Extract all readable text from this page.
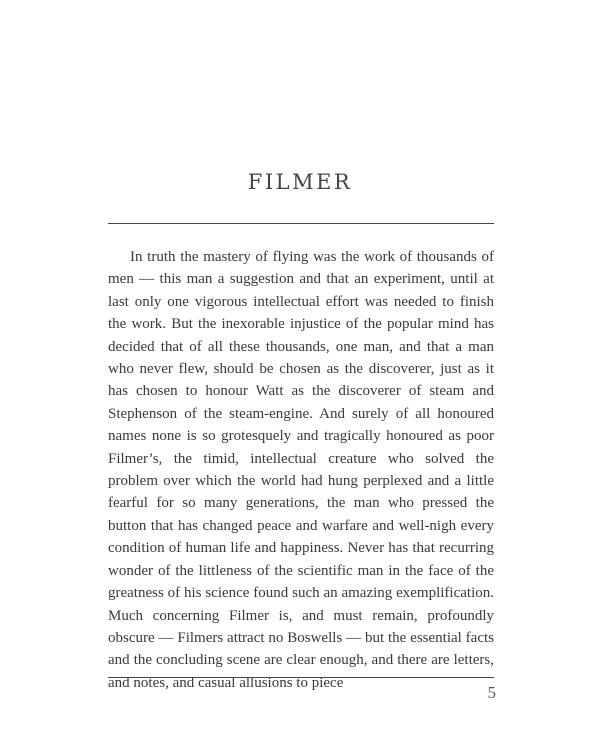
FILMER

In truth the mastery of flying was the work of thousands of men — this man a suggestion and that an experiment, until at last only one vigorous intellectual effort was needed to finish the work. But the inexorable injustice of the popular mind has decided that of all these thousands, one man, and that a man who never flew, should be chosen as the discoverer, just as it has chosen to honour Watt as the discoverer of steam and Stephenson of the steam-engine. And surely of all honoured names none is so grotesquely and tragically honoured as poor Filmer’s, the timid, intellectual creature who solved the problem over which the world had hung perplexed and a little fearful for so many generations, the man who pressed the button that has changed peace and warfare and well-nigh every condition of human life and happiness. Never has that recurring wonder of the littleness of the scientific man in the face of the greatness of his science found such an amazing exemplification. Much concerning Filmer is, and must remain, profoundly obscure — Filmers attract no Boswells — but the essential facts and the concluding scene are clear enough, and there are letters, and notes, and casual allusions to piece

5
